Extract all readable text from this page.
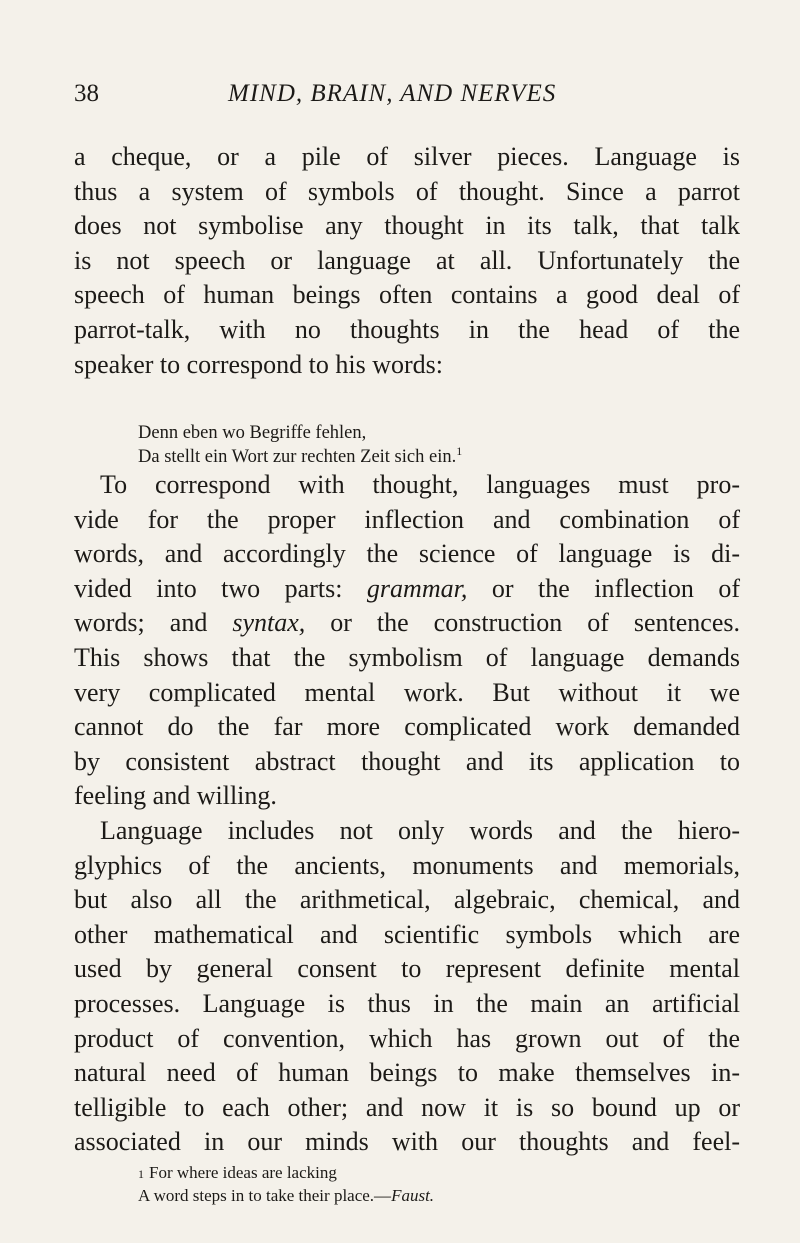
38	MIND, BRAIN, AND NERVES

a cheque, or a pile of silver pieces. Language is
thus a system of symbols of thought. Since a parrot
does not symbolise any thought in its talk, that talk
is not speech or language at all. Unfortunately the
speech of human beings often contains a good deal of
parrot-talk, with no thoughts in the head of the
speaker to correspond to his words:

Denn eben wo Begriffe fehlen,
Da stellt ein Wort zur rechten Zeit sich ein.$^1$

To correspond with thought, languages must pro-
vide for the proper inflection and combination of
words, and accordingly the science of language is di-
vided into two parts: grammar, or the inflection of
words; and syntax, or the construction of sentences.
This shows that the symbolism of language demands
very complicated mental work. But without it we
cannot do the far more complicated work demanded
by consistent abstract thought and its application to
feeling and willing.

Language includes not only words and the hiero-
glyphics of the ancients, monuments and memorials,
but also all the arithmetical, algebraic, chemical, and
other mathematical and scientific symbols which are
used by general consent to represent definite mental
processes. Language is thus in the main an artificial
product of convention, which has grown out of the
natural need of human beings to make themselves in-
telligible to each other; and now it is so bound up or
associated in our minds with our thoughts and feel-

1 For where ideas are lacking
A word steps in to take their place.—Faust.
